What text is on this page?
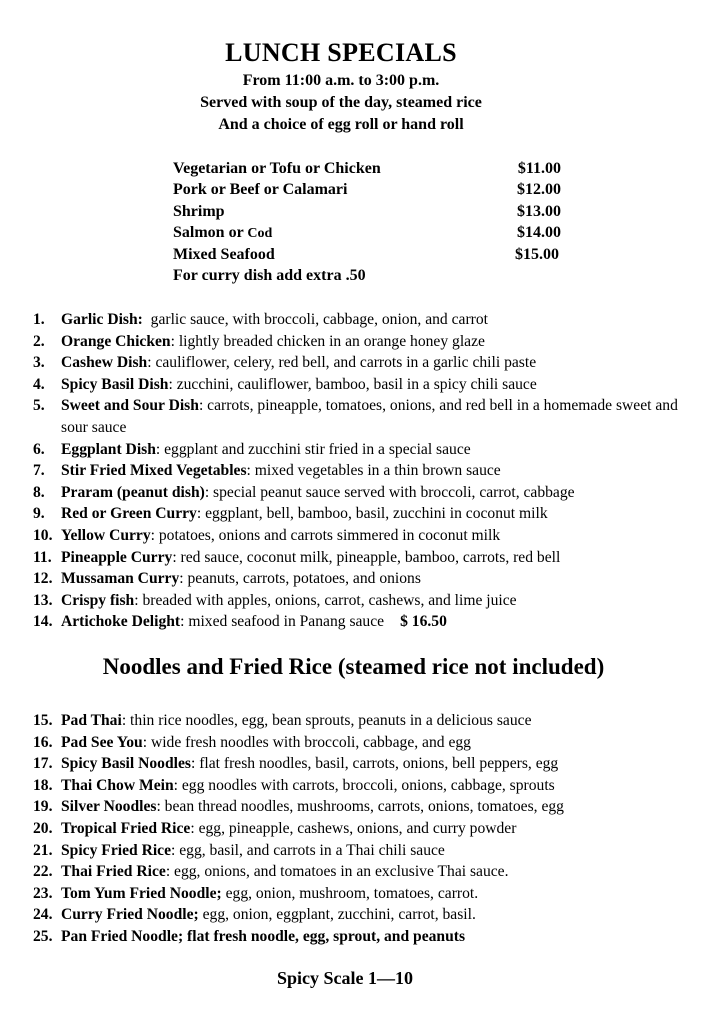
LUNCH SPECIALS
From 11:00 a.m. to 3:00 p.m.
Served with soup of the day, steamed rice
And a choice of egg roll or hand roll
Vegetarian or Tofu or Chicken	$11.00
Pork or Beef or Calamari	$12.00
Shrimp	$13.00
Salmon or Cod	$14.00
Mixed Seafood	$15.00
For curry dish add extra .50
1. Garlic Dish:  garlic sauce, with broccoli, cabbage, onion, and carrot
2. Orange Chicken: lightly breaded chicken in an orange honey glaze
3. Cashew Dish: cauliflower, celery, red bell, and carrots in a garlic chili paste
4. Spicy Basil Dish: zucchini, cauliflower, bamboo, basil in a spicy chili sauce
5. Sweet and Sour Dish: carrots, pineapple, tomatoes, onions, and red bell in a homemade sweet and sour sauce
6. Eggplant Dish: eggplant and zucchini stir fried in a special sauce
7. Stir Fried Mixed Vegetables: mixed vegetables in a thin brown sauce
8. Praram (peanut dish): special peanut sauce served with broccoli, carrot, cabbage
9. Red or Green Curry: eggplant, bell, bamboo, basil, zucchini in coconut milk
10. Yellow Curry: potatoes, onions and carrots simmered in coconut milk
11. Pineapple Curry: red sauce, coconut milk, pineapple, bamboo, carrots, red bell
12. Mussaman Curry: peanuts, carrots, potatoes, and onions
13. Crispy fish: breaded with apples, onions, carrot, cashews, and lime juice
14. Artichoke Delight: mixed seafood in Panang sauce $ 16.50
Noodles and Fried Rice (steamed rice not included)
15. Pad Thai: thin rice noodles, egg, bean sprouts, peanuts in a delicious sauce
16. Pad See You: wide fresh noodles with broccoli, cabbage, and egg
17. Spicy Basil Noodles: flat fresh noodles, basil, carrots, onions, bell peppers, egg
18. Thai Chow Mein: egg noodles with carrots, broccoli, onions, cabbage, sprouts
19. Silver Noodles: bean thread noodles, mushrooms, carrots, onions, tomatoes, egg
20. Tropical Fried Rice: egg, pineapple, cashews, onions, and curry powder
21. Spicy Fried Rice: egg, basil, and carrots in a Thai chili sauce
22. Thai Fried Rice: egg, onions, and tomatoes in an exclusive Thai sauce.
23. Tom Yum Fried Noodle; egg, onion, mushroom, tomatoes, carrot.
24. Curry Fried Noodle; egg, onion, eggplant, zucchini, carrot, basil.
25. Pan Fried Noodle; flat fresh noodle, egg, sprout, and peanuts
Spicy Scale 1—10
